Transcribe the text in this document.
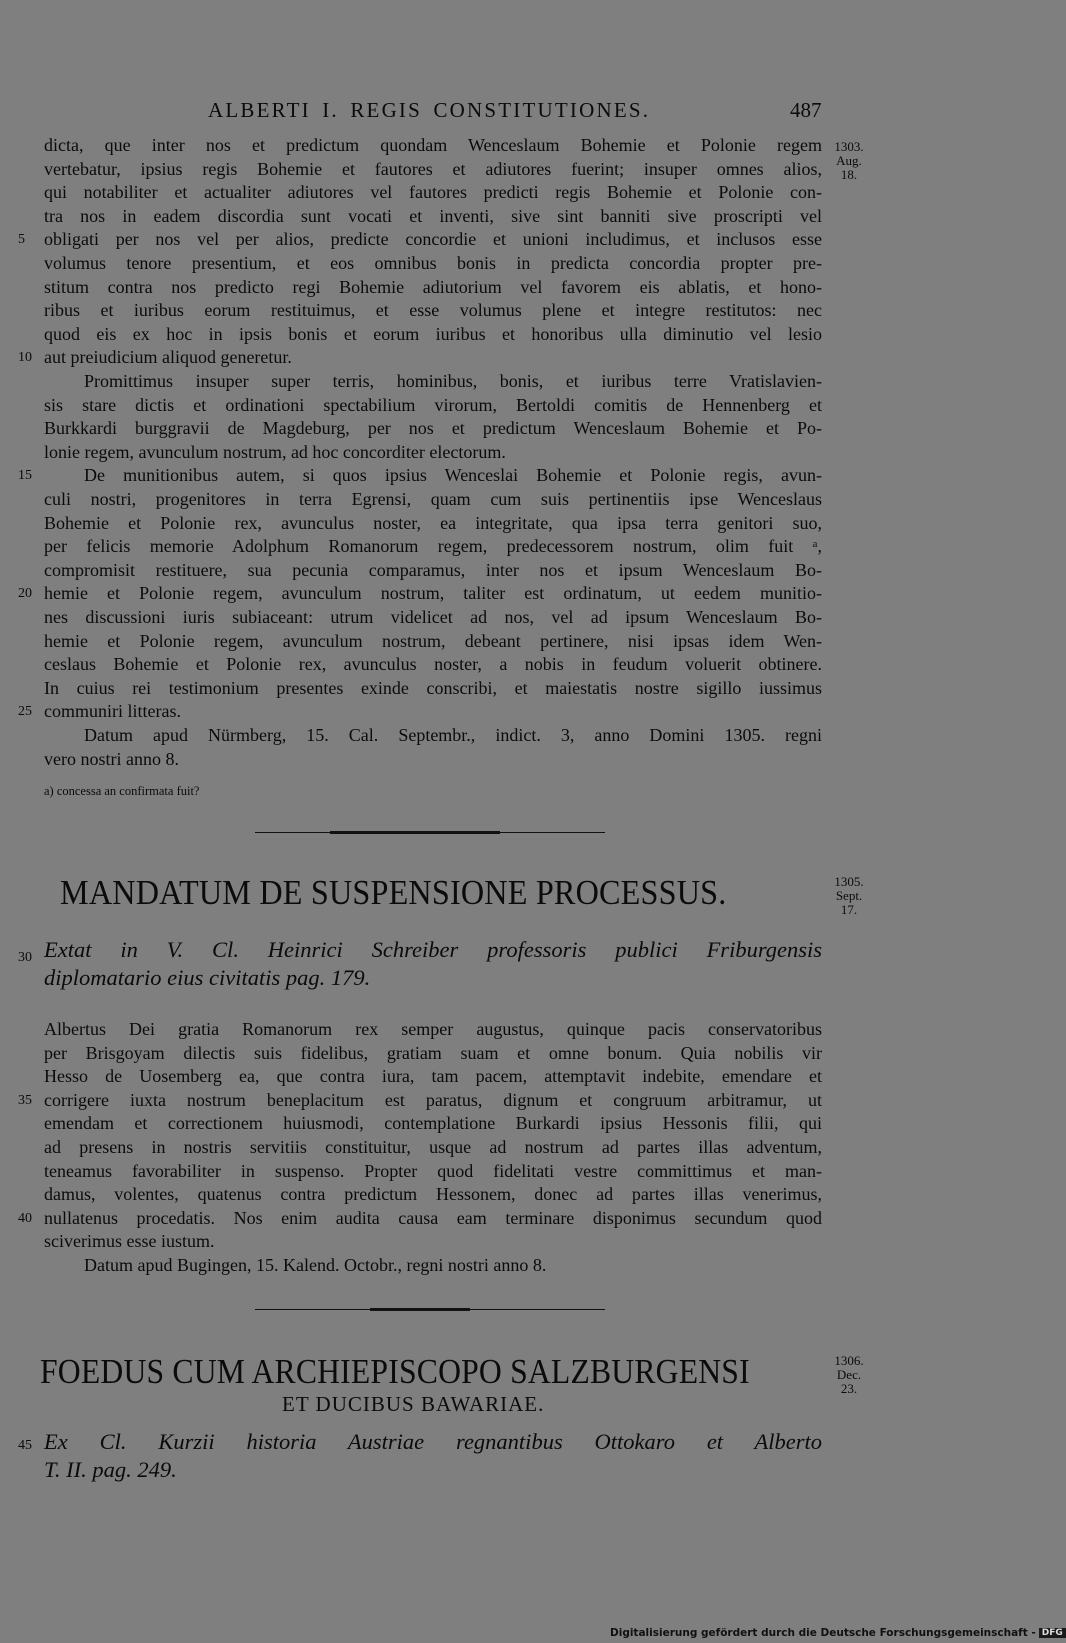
ALBERTI I. REGIS CONSTITUTIONES.	487
dicta, que inter nos et predictum quondam Wenceslaum Bohemie et Polonie regem
vertebatur, ipsius regis Bohemie et fautores et adiutores fuerint; insuper omnes alios,
qui notabiliter et actualiter adiutores vel fautores predicti regis Bohemie et Polonie con-
tra nos in eadem discordia sunt vocati et inventi, sive sint banniti sive proscripti vel
obligati per nos vel per alios, predicte concordie et unioni includimus, et inclusos esse
volumus tenore presentium, et eos omnibus bonis in predicta concordia propter pre-
stitum contra nos predicto regi Bohemie adiutorium vel favorem eis ablatis, et hono-
ribus et iuribus eorum restituimus, et esse volumus plene et integre restitutos: nec
quod eis ex hoc in ipsis bonis et eorum iuribus et honoribus ulla diminutio vel lesio
aut preiudicium aliquod generetur.
Promittimus insuper super terris, hominibus, bonis, et iuribus terre Vratislavien-
sis stare dictis et ordinationi spectabilium virorum, Bertoldi comitis de Hennenberg et
Burkkardi burggravii de Magdeburg, per nos et predictum Wenceslaum Bohemie et Po-
lonie regem, avunculum nostrum, ad hoc concorditer electorum.
De munitionibus autem, si quos ipsius Wenceslai Bohemie et Polonie regis, avun-
culi nostri, progenitores in terra Egrensi, quam cum suis pertinentiis ipse Wenceslaus
Bohemie et Polonie rex, avunculus noster, ea integritate, qua ipsa terra genitori suo,
per felicis memorie Adolphum Romanorum regem, predecessorem nostrum, olim fuit ᵃ,
compromisit restituere, sua pecunia comparamus, inter nos et ipsum Wenceslaum Bo-
hemie et Polonie regem, avunculum nostrum, taliter est ordinatum, ut eedem munitio-
nes discussioni iuris subiaceant: utrum videlicet ad nos, vel ad ipsum Wenceslaum Bo-
hemie et Polonie regem, avunculum nostrum, debeant pertinere, nisi ipsas idem Wen-
ceslaus Bohemie et Polonie rex, avunculus noster, a nobis in feudum voluerit obtinere.
In cuius rei testimonium presentes exinde conscribi, et maiestatis nostre sigillo iussimus
communiri litteras.
Datum apud Nürmberg, 15. Cal. Septembr., indict. 3, anno Domini 1305. regni
vero nostri anno 8.
5
10
15
20
25
1303.
Aug.
18.
a) concessa an confirmata fuit?
MANDATUM DE SUSPENSIONE PROCESSUS.	1305.
Sept.
17.
30 Extat in V. Cl. Heinrici Schreiber professoris publici Friburgensis
diplomatario eius civitatis pag. 179.
Albertus Dei gratia Romanorum rex semper augustus, quinque pacis conservatoribus
per Brisgoyam dilectis suis fidelibus, gratiam suam et omne bonum. Quia nobilis vir
Hesso de Uosemberg ea, que contra iura, tam pacem, attemptavit indebite, emendare et
corrigere iuxta nostrum beneplacitum est paratus, dignum et congruum arbitramur, ut
emendam et correctionem huiusmodi, contemplatione Burkardi ipsius Hessonis filii, qui
ad presens in nostris servitiis constituitur, usque ad nostrum ad partes illas adventum,
teneamus favorabiliter in suspenso. Propter quod fidelitati vestre committimus et man-
damus, volentes, quatenus contra predictum Hessonem, donec ad partes illas venerimus,
nullatenus procedatis. Nos enim audita causa eam terminare disponimus secundum quod
sciverimus esse iustum.
Datum apud Bugingen, 15. Kalend. Octobr., regni nostri anno 8.
35
40
FOEDUS CUM ARCHIEPISCOPO SALZBURGENSI	1306.
Dec.
23.
ET DUCIBUS BAWARIAE.
45 Ex Cl. Kurzii historia Austriae regnantibus Ottokaro et Alberto
T. II. pag. 249.
Digitalisierung gefördert durch die Deutsche Forschungsgemeinschaft - DFG
